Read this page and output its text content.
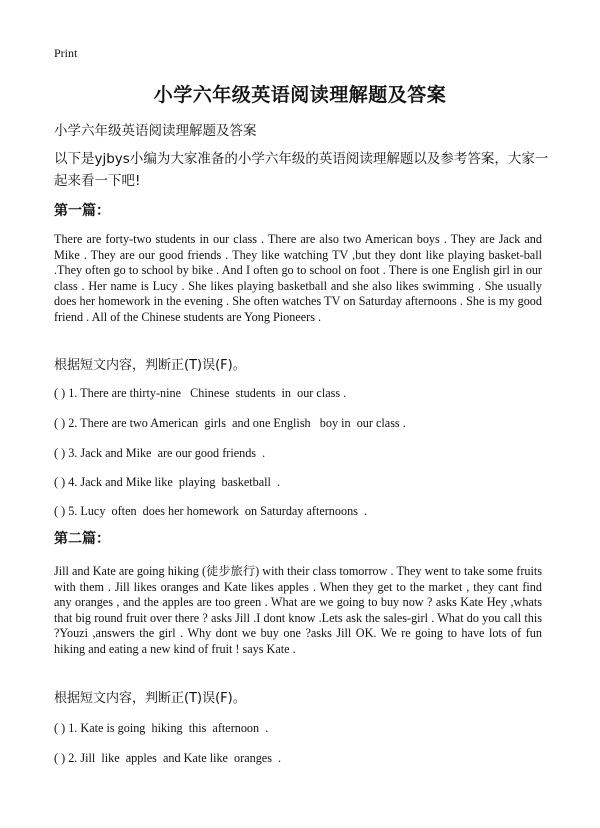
Print
小学六年级英语阅读理解题及答案
小学六年级英语阅读理解题及答案
以下是yjbys小编为大家准备的小学六年级的英语阅读理解题以及参考答案，大家一起来看一下吧!
第一篇：
There are forty-two students in our class . There are also two American boys . They are Jack and Mike . They are our good friends . They like watching TV ,but they dont like playing basket-ball .They often go to school by bike . And I often go to school on foot . There is one English girl in our class . Her name is Lucy . She likes playing basketball and she also likes swimming . She usually does her homework in the evening . She often watches TV on Saturday afternoons . She is my good friend . All of the Chinese students are Yong Pioneers .
根据短文内容，判断正(T)误(F)。
( ) 1. There are thirty-nine   Chinese  students  in  our class .
( ) 2. There are two American  girls  and one English   boy in  our class .
( ) 3. Jack and Mike  are our good friends  .
( ) 4. Jack and Mike like  playing  basketball  .
( ) 5. Lucy  often  does her homework  on Saturday afternoons  .
第二篇：
Jill and Kate are going hiking (徒步旅行) with their class tomorrow . They went to take some fruits with them . Jill likes oranges and Kate likes apples . When they get to the market , they cant find any oranges , and the apples are too green . What are we going to buy now ? asks Kate Hey ,whats that big round fruit over there ? asks Jill .I dont know .Lets ask the sales-girl . What do you call this ?Youzi ,answers the girl . Why dont we buy one ?asks Jill OK. We re going to have lots of fun hiking and eating a new kind of fruit ! says Kate .
根据短文内容，判断正(T)误(F)。
( ) 1. Kate is going  hiking  this  afternoon  .
( ) 2. Jill  like  apples  and Kate like  oranges  .
